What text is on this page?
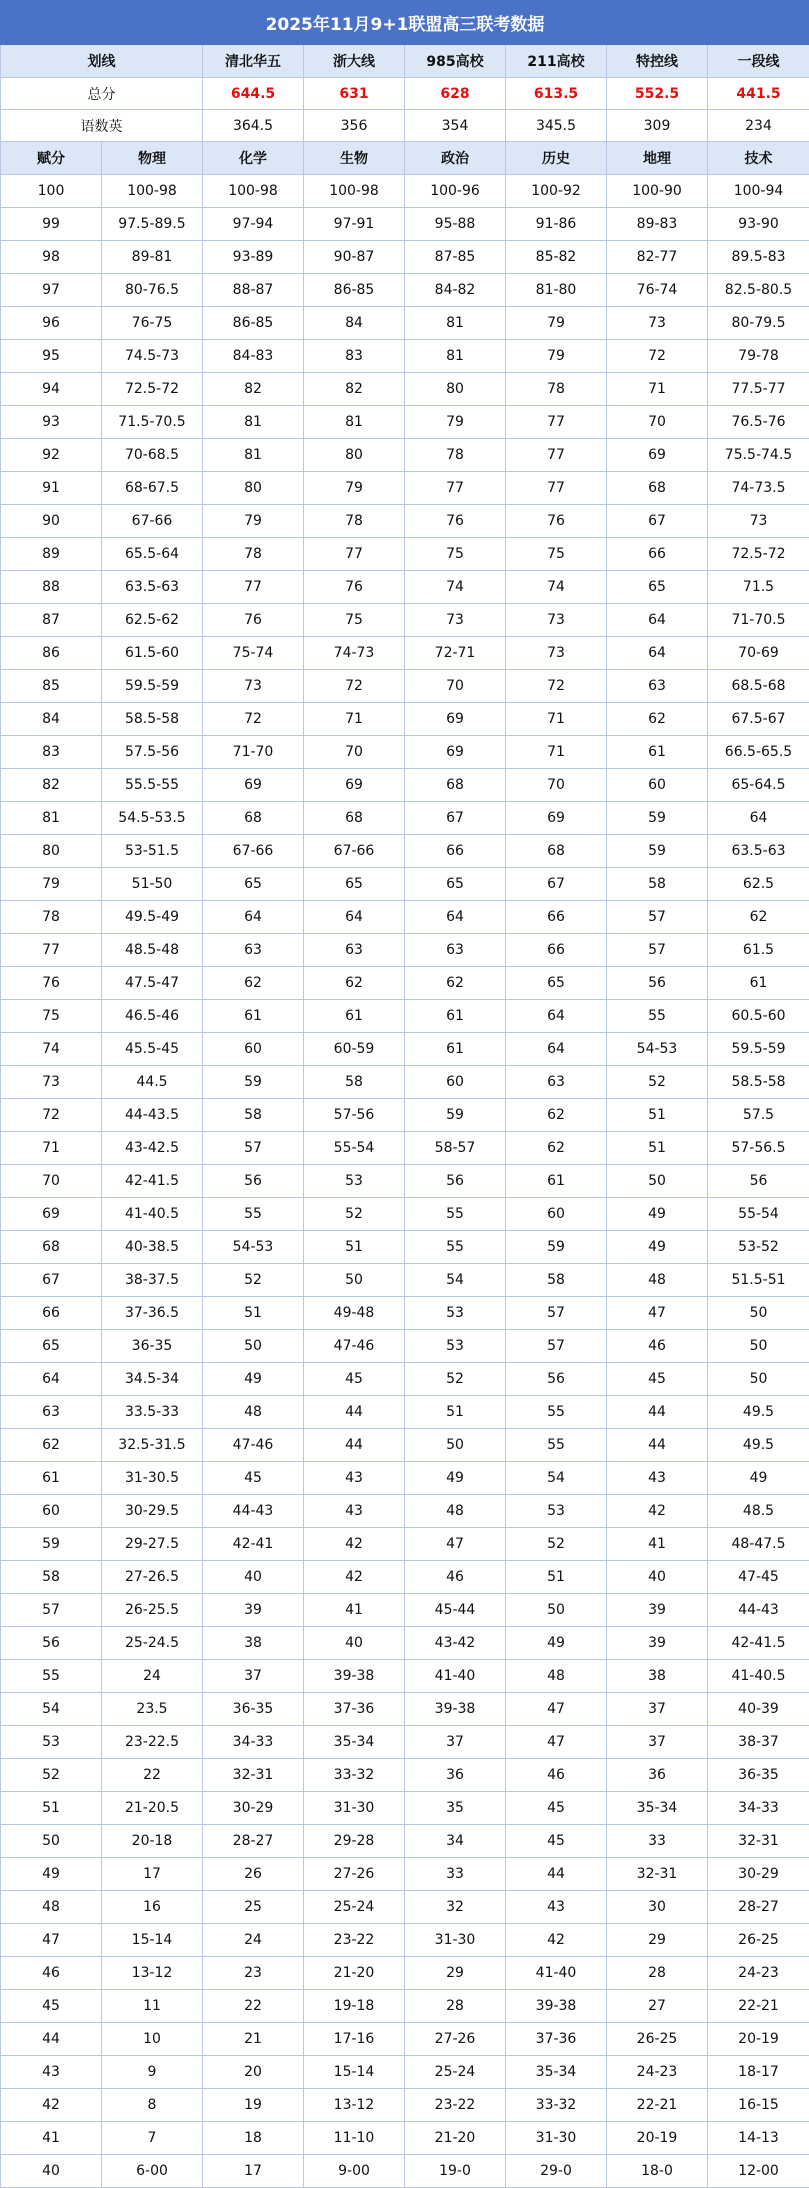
2025年11月9+1联盟高三联考数据							
划线		清北华五	浙大线	985高校	211高校	特控线	一段线
总分		644.5	631	628	613.5	552.5	441.5
语数英		364.5	356	354	345.5	309	234
赋分	物理	化学	生物	政治	历史	地理	技术
100	100-98	100-98	100-98	100-96	100-92	100-90	100-94
99	97.5-89.5	97-94	97-91	95-88	91-86	89-83	93-90
98	89-81	93-89	90-87	87-85	85-82	82-77	89.5-83
97	80-76.5	88-87	86-85	84-82	81-80	76-74	82.5-80.5
96	76-75	86-85	84	81	79	73	80-79.5
95	74.5-73	84-83	83	81	79	72	79-78
94	72.5-72	82	82	80	78	71	77.5-77
93	71.5-70.5	81	81	79	77	70	76.5-76
92	70-68.5	81	80	78	77	69	75.5-74.5
91	68-67.5	80	79	77	77	68	74-73.5
90	67-66	79	78	76	76	67	73
89	65.5-64	78	77	75	75	66	72.5-72
88	63.5-63	77	76	74	74	65	71.5
87	62.5-62	76	75	73	73	64	71-70.5
86	61.5-60	75-74	74-73	72-71	73	64	70-69
85	59.5-59	73	72	70	72	63	68.5-68
84	58.5-58	72	71	69	71	62	67.5-67
83	57.5-56	71-70	70	69	71	61	66.5-65.5
82	55.5-55	69	69	68	70	60	65-64.5
81	54.5-53.5	68	68	67	69	59	64
80	53-51.5	67-66	67-66	66	68	59	63.5-63
79	51-50	65	65	65	67	58	62.5
78	49.5-49	64	64	64	66	57	62
77	48.5-48	63	63	63	66	57	61.5
76	47.5-47	62	62	62	65	56	61
75	46.5-46	61	61	61	64	55	60.5-60
74	45.5-45	60	60-59	61	64	54-53	59.5-59
73	44.5	59	58	60	63	52	58.5-58
72	44-43.5	58	57-56	59	62	51	57.5
71	43-42.5	57	55-54	58-57	62	51	57-56.5
70	42-41.5	56	53	56	61	50	56
69	41-40.5	55	52	55	60	49	55-54
68	40-38.5	54-53	51	55	59	49	53-52
67	38-37.5	52	50	54	58	48	51.5-51
66	37-36.5	51	49-48	53	57	47	50
65	36-35	50	47-46	53	57	46	50
64	34.5-34	49	45	52	56	45	50
63	33.5-33	48	44	51	55	44	49.5
62	32.5-31.5	47-46	44	50	55	44	49.5
61	31-30.5	45	43	49	54	43	49
60	30-29.5	44-43	43	48	53	42	48.5
59	29-27.5	42-41	42	47	52	41	48-47.5
58	27-26.5	40	42	46	51	40	47-45
57	26-25.5	39	41	45-44	50	39	44-43
56	25-24.5	38	40	43-42	49	39	42-41.5
55	24	37	39-38	41-40	48	38	41-40.5
54	23.5	36-35	37-36	39-38	47	37	40-39
53	23-22.5	34-33	35-34	37	47	37	38-37
52	22	32-31	33-32	36	46	36	36-35
51	21-20.5	30-29	31-30	35	45	35-34	34-33
50	20-18	28-27	29-28	34	45	33	32-31
49	17	26	27-26	33	44	32-31	30-29
48	16	25	25-24	32	43	30	28-27
47	15-14	24	23-22	31-30	42	29	26-25
46	13-12	23	21-20	29	41-40	28	24-23
45	11	22	19-18	28	39-38	27	22-21
44	10	21	17-16	27-26	37-36	26-25	20-19
43	9	20	15-14	25-24	35-34	24-23	18-17
42	8	19	13-12	23-22	33-32	22-21	16-15
41	7	18	11-10	21-20	31-30	20-19	14-13
40	6-00	17	9-00	19-0	29-0	18-0	12-00
